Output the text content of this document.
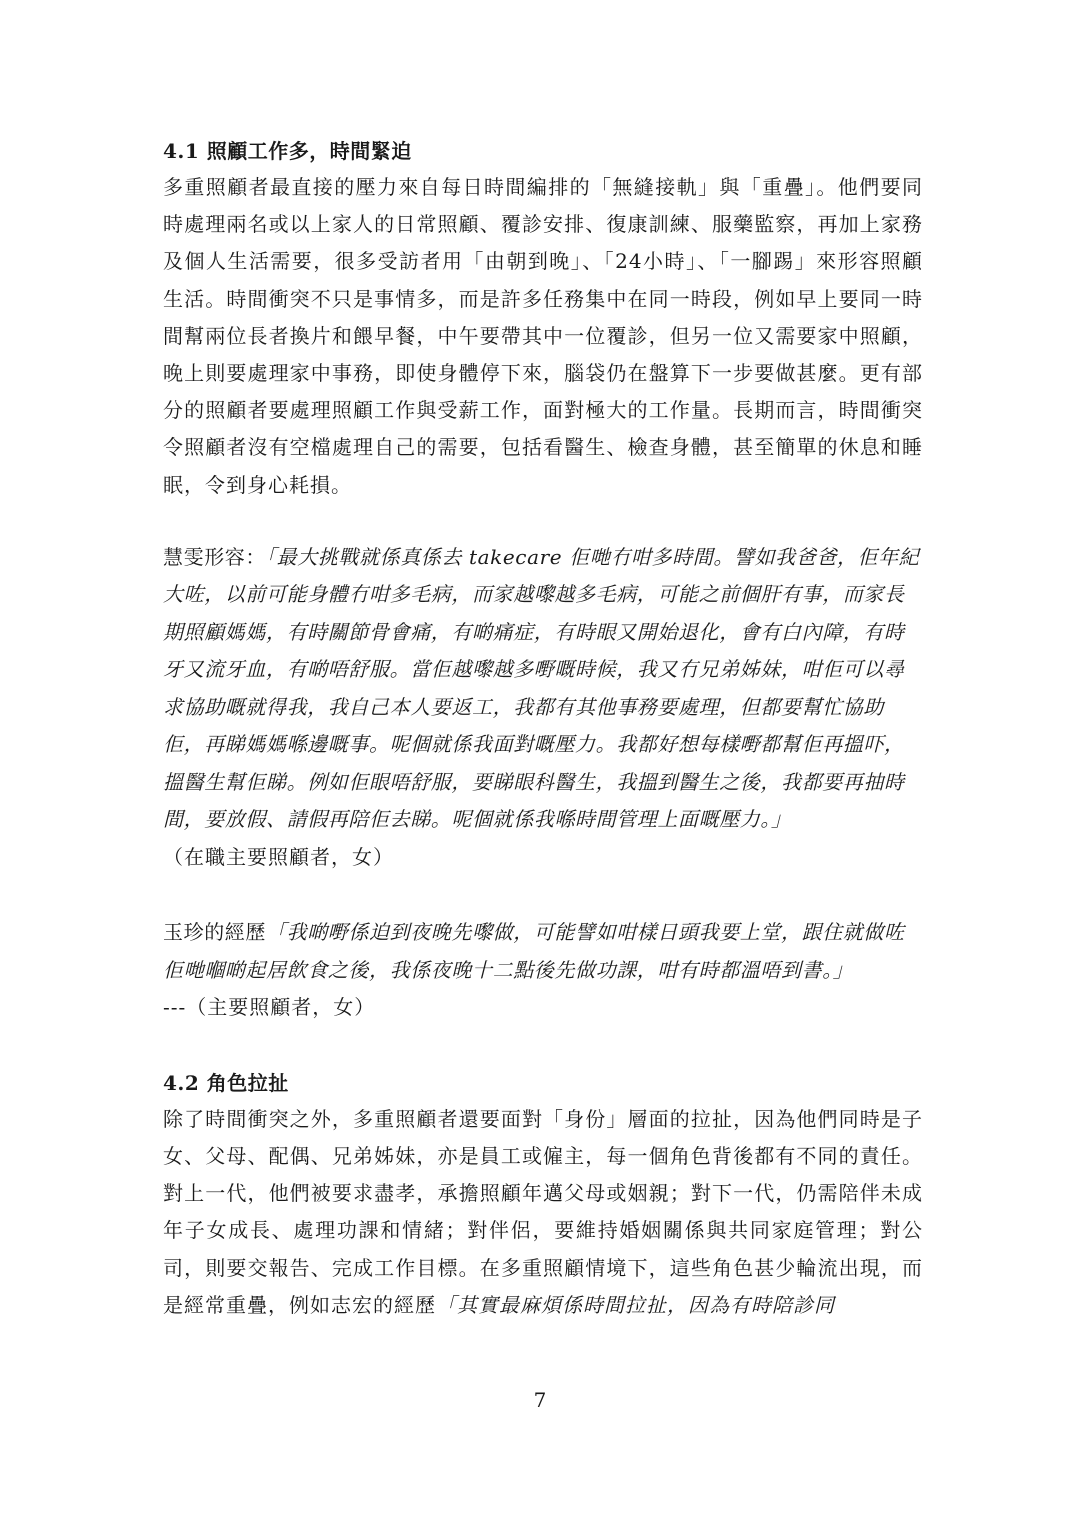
4.1 照顧工作多，時間緊迫

多重照顧者最直接的壓力來自每日時間編排的「無縫接軌」與「重疊」。他們要同時處理兩名或以上家人的日常照顧、覆診安排、復康訓練、服藥監察，再加上家務及個人生活需要，很多受訪者用「由朝到晚」、「24小時」、「一腳踢」來形容照顧生活。時間衝突不只是事情多，而是許多任務集中在同一時段，例如早上要同一時間幫兩位長者換片和餵早餐，中午要帶其中一位覆診，但另一位又需要家中照顧，晚上則要處理家中事務，即使身體停下來，腦袋仍在盤算下一步要做甚麼。更有部分的照顧者要處理照顧工作與受薪工作，面對極大的工作量。長期而言，時間衝突令照顧者沒有空檔處理自己的需要，包括看醫生、檢查身體，甚至簡單的休息和睡眠，令到身心耗損。

慧雯形容：「最大挑戰就係真係去 takecare 佢哋冇咁多時間。譬如我爸爸，佢年紀大咗，以前可能身體冇咁多毛病，而家越嚟越多毛病，可能之前個肝有事，而家長期照顧媽媽，有時關節骨會痛，有啲痛症，有時眼又開始退化，會有白內障，有時牙又流牙血，有啲唔舒服。當佢越嚟越多嘢嘅時候，我又冇兄弟姊妹，咁佢可以尋求協助嘅就得我，我自己本人要返工，我都有其他事務要處理，但都要幫忙協助佢，再睇媽媽喺邊嘅事。呢個就係我面對嘅壓力。我都好想每樣嘢都幫佢再搵吓，搵醫生幫佢睇。例如佢眼唔舒服，要睇眼科醫生，我搵到醫生之後，我都要再抽時間，要放假、請假再陪佢去睇。呢個就係我喺時間管理上面嘅壓力。」

（在職主要照顧者，女）

玉珍的經歷「我啲嘢係迫到夜晚先嚟做，可能譬如咁樣日頭我要上堂，跟住就做咗佢哋嗰啲起居飲食之後，我係夜晚十二點後先做功課，咁有時都溫唔到書。」

---（主要照顧者，女）

4.2 角色拉扯

除了時間衝突之外，多重照顧者還要面對「身份」層面的拉扯，因為他們同時是子女、父母、配偶、兄弟姊妹，亦是員工或僱主，每一個角色背後都有不同的責任。對上一代，他們被要求盡孝，承擔照顧年邁父母或姻親；對下一代，仍需陪伴未成年子女成長、處理功課和情緒；對伴侶，要維持婚姻關係與共同家庭管理；對公司，則要交報告、完成工作目標。在多重照顧情境下，這些角色甚少輪流出現，而是經常重疊，例如志宏的經歷「其實最麻煩係時間拉扯，因為有時陪診同

7
